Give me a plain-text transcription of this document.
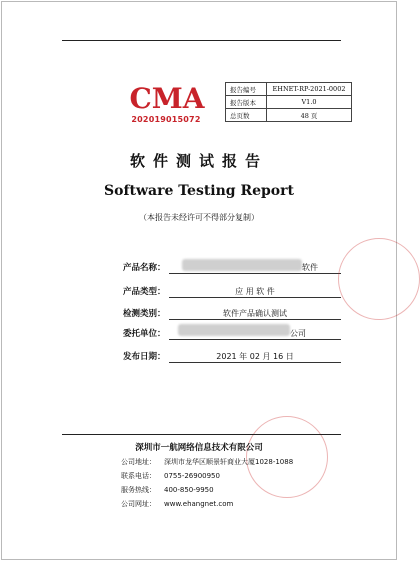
CMA
202019015072
报告编号	EHNET-RP-2021-0002
报告版本	V1.0
总页数	48 页
软件测试报告
Software Testing Report
（本报告未经许可不得部分复制）
产品名称：	软件
产品类型：	应 用 软 件
检测类别：	软件产品确认测试
委托单位：	公司
发布日期：	2021 年 02 月 16 日
深圳市一航网络信息技术有限公司
公司地址： 深圳市龙华区顺景轩商业大厦1028-1088
联系电话： 0755-26900950
服务热线： 400-850-9950
公司网址： www.ehangnet.com
